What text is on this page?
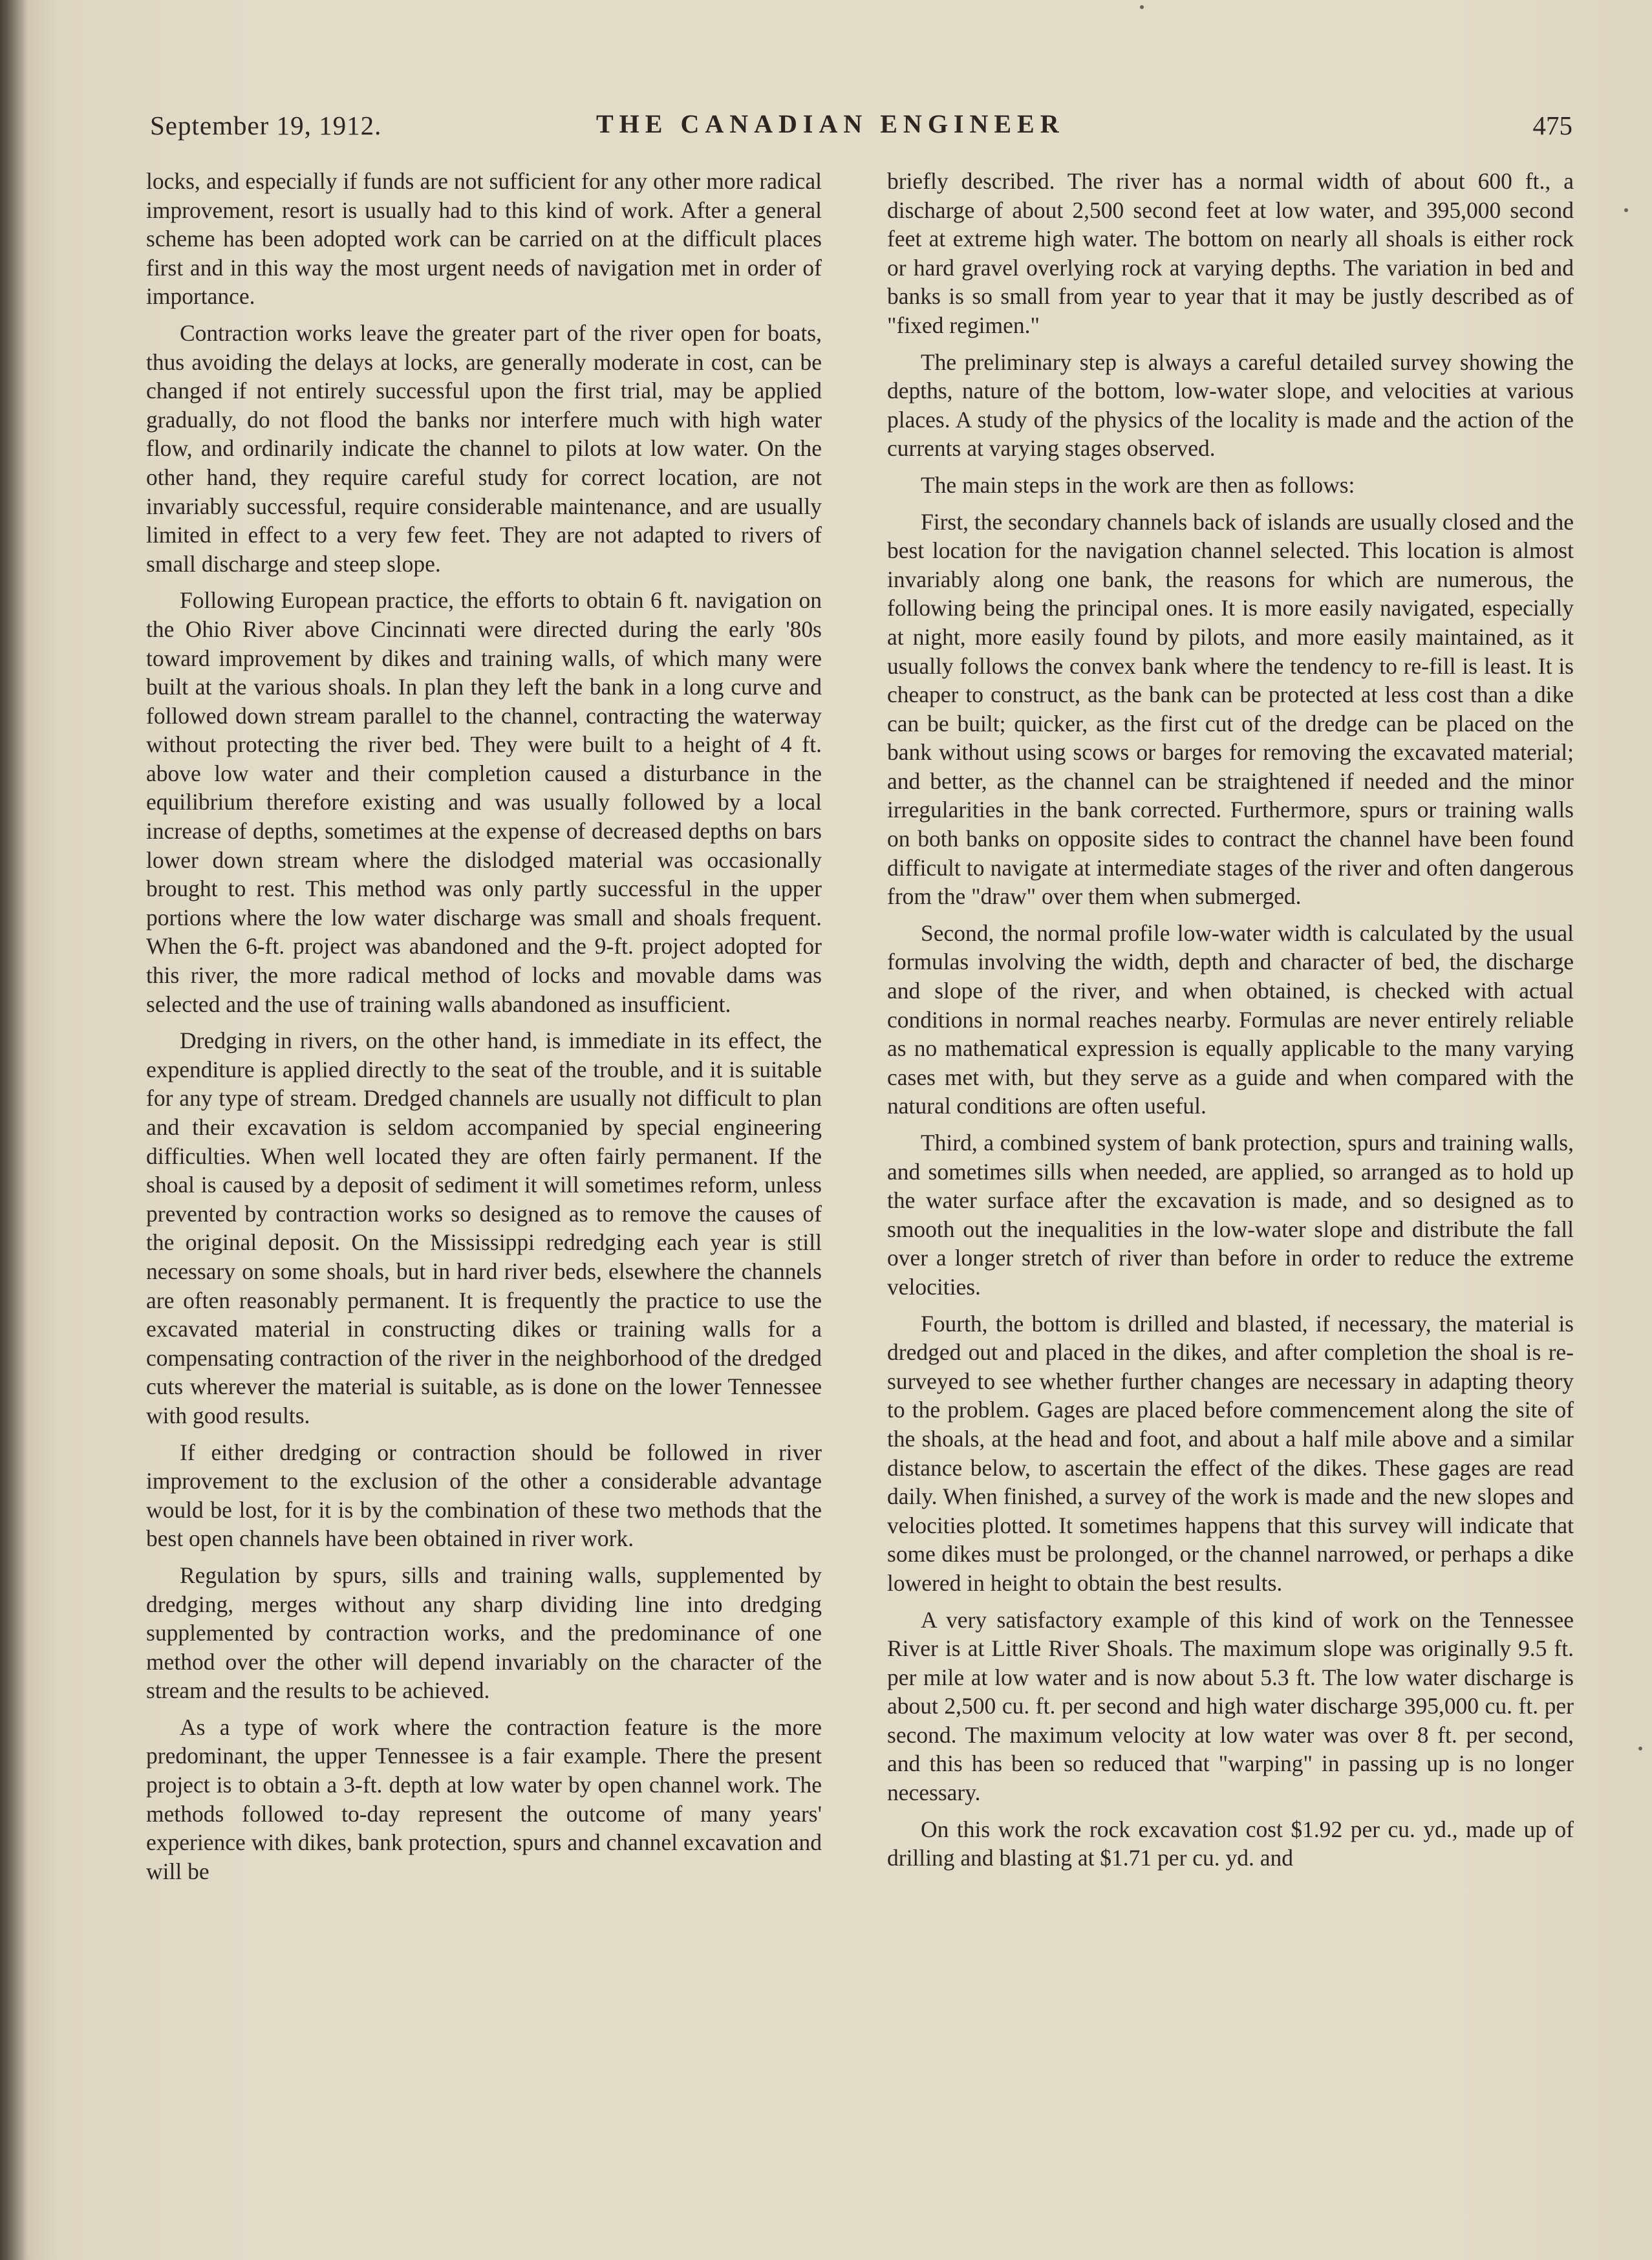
September 19, 1912.	THE CANADIAN ENGINEER	475

locks, and especially if funds are not sufficient for any other more radical improvement, resort is usually had to this kind of work. After a general scheme has been adopted work can be carried on at the difficult places first and in this way the most urgent needs of navigation met in order of importance.

Contraction works leave the greater part of the river open for boats, thus avoiding the delays at locks, are generally moderate in cost, can be changed if not entirely successful upon the first trial, may be applied gradually, do not flood the banks nor interfere much with high water flow, and ordinarily indicate the channel to pilots at low water. On the other hand, they require careful study for correct location, are not invariably successful, require considerable maintenance, and are usually limited in effect to a very few feet. They are not adapted to rivers of small discharge and steep slope.

Following European practice, the efforts to obtain 6 ft. navigation on the Ohio River above Cincinnati were directed during the early '80s toward improvement by dikes and training walls, of which many were built at the various shoals. In plan they left the bank in a long curve and followed down stream parallel to the channel, contracting the waterway without protecting the river bed. They were built to a height of 4 ft. above low water and their completion caused a disturbance in the equilibrium therefore existing and was usually followed by a local increase of depths, sometimes at the expense of decreased depths on bars lower down stream where the dislodged material was occasionally brought to rest. This method was only partly successful in the upper portions where the low water discharge was small and shoals frequent. When the 6-ft. project was abandoned and the 9-ft. project adopted for this river, the more radical method of locks and movable dams was selected and the use of training walls abandoned as insufficient.

Dredging in rivers, on the other hand, is immediate in its effect, the expenditure is applied directly to the seat of the trouble, and it is suitable for any type of stream. Dredged channels are usually not difficult to plan and their excavation is seldom accompanied by special engineering difficulties. When well located they are often fairly permanent. If the shoal is caused by a deposit of sediment it will sometimes reform, unless prevented by contraction works so designed as to remove the causes of the original deposit. On the Mississippi redredging each year is still necessary on some shoals, but in hard river beds, elsewhere the channels are often reasonably permanent. It is frequently the practice to use the excavated material in constructing dikes or training walls for a compensating contraction of the river in the neighborhood of the dredged cuts wherever the material is suitable, as is done on the lower Tennessee with good results.

If either dredging or contraction should be followed in river improvement to the exclusion of the other a considerable advantage would be lost, for it is by the combination of these two methods that the best open channels have been obtained in river work.

Regulation by spurs, sills and training walls, supplemented by dredging, merges without any sharp dividing line into dredging supplemented by contraction works, and the predominance of one method over the other will depend invariably on the character of the stream and the results to be achieved.

As a type of work where the contraction feature is the more predominant, the upper Tennessee is a fair example. There the present project is to obtain a 3-ft. depth at low water by open channel work. The methods followed to-day represent the outcome of many years' experience with dikes, bank protection, spurs and channel excavation and will be

briefly described. The river has a normal width of about 600 ft., a discharge of about 2,500 second feet at low water, and 395,000 second feet at extreme high water. The bottom on nearly all shoals is either rock or hard gravel overlying rock at varying depths. The variation in bed and banks is so small from year to year that it may be justly described as of "fixed regimen."

The preliminary step is always a careful detailed survey showing the depths, nature of the bottom, low-water slope, and velocities at various places. A study of the physics of the locality is made and the action of the currents at varying stages observed.

The main steps in the work are then as follows:

First, the secondary channels back of islands are usually closed and the best location for the navigation channel selected. This location is almost invariably along one bank, the reasons for which are numerous, the following being the principal ones. It is more easily navigated, especially at night, more easily found by pilots, and more easily maintained, as it usually follows the convex bank where the tendency to re-fill is least. It is cheaper to construct, as the bank can be protected at less cost than a dike can be built; quicker, as the first cut of the dredge can be placed on the bank without using scows or barges for removing the excavated material; and better, as the channel can be straightened if needed and the minor irregularities in the bank corrected. Furthermore, spurs or training walls on both banks on opposite sides to contract the channel have been found difficult to navigate at intermediate stages of the river and often dangerous from the "draw" over them when submerged.

Second, the normal profile low-water width is calculated by the usual formulas involving the width, depth and character of bed, the discharge and slope of the river, and when obtained, is checked with actual conditions in normal reaches nearby. Formulas are never entirely reliable as no mathematical expression is equally applicable to the many varying cases met with, but they serve as a guide and when compared with the natural conditions are often useful.

Third, a combined system of bank protection, spurs and training walls, and sometimes sills when needed, are applied, so arranged as to hold up the water surface after the excavation is made, and so designed as to smooth out the inequalities in the low-water slope and distribute the fall over a longer stretch of river than before in order to reduce the extreme velocities.

Fourth, the bottom is drilled and blasted, if necessary, the material is dredged out and placed in the dikes, and after completion the shoal is re-surveyed to see whether further changes are necessary in adapting theory to the problem. Gages are placed before commencement along the site of the shoals, at the head and foot, and about a half mile above and a similar distance below, to ascertain the effect of the dikes. These gages are read daily. When finished, a survey of the work is made and the new slopes and velocities plotted. It sometimes happens that this survey will indicate that some dikes must be prolonged, or the channel narrowed, or perhaps a dike lowered in height to obtain the best results.

A very satisfactory example of this kind of work on the Tennessee River is at Little River Shoals. The maximum slope was originally 9.5 ft. per mile at low water and is now about 5.3 ft. The low water discharge is about 2,500 cu. ft. per second and high water discharge 395,000 cu. ft. per second. The maximum velocity at low water was over 8 ft. per second, and this has been so reduced that "warping" in passing up is no longer necessary.

On this work the rock excavation cost $1.92 per cu. yd., made up of drilling and blasting at $1.71 per cu. yd. and
